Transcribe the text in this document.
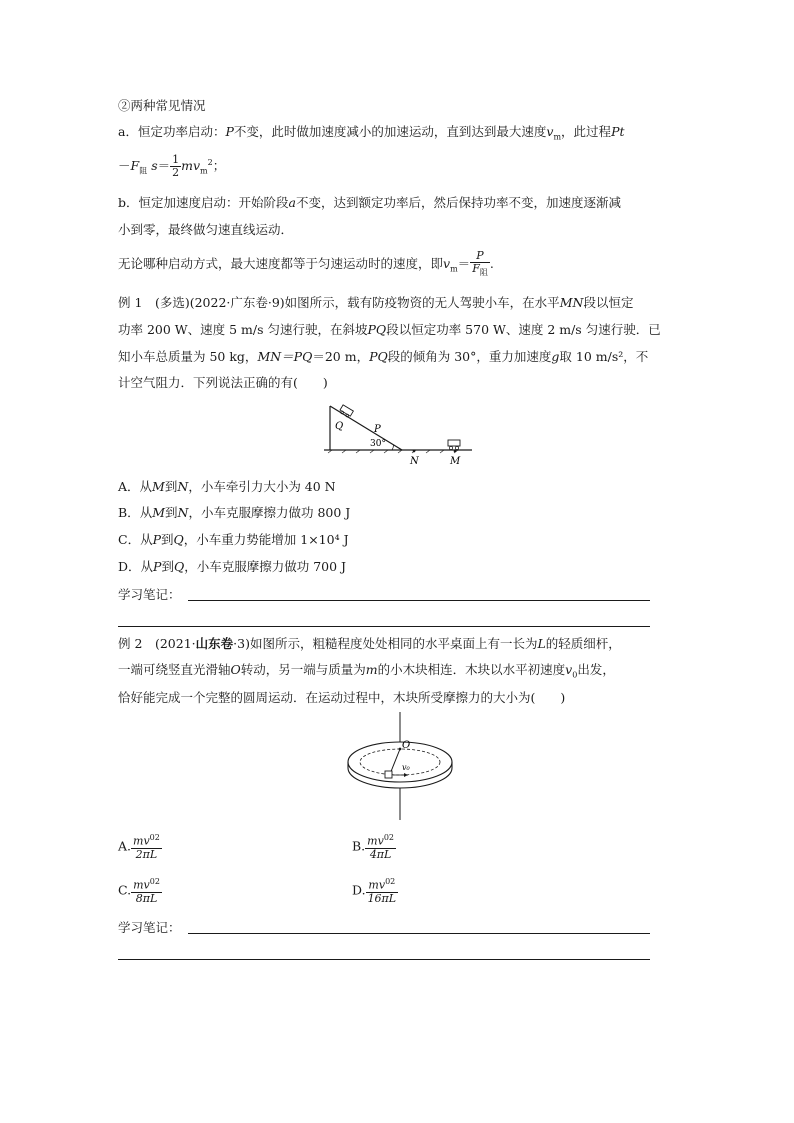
②两种常见情况
a．恒定功率启动：P不变，此时做加速度减小的加速运动，直到达到最大速度$v_m$，此过程Pt
$-F_阻$ $s= \frac{1}{2} mv_m^2$；
b．恒定加速度启动：开始阶段a不变，达到额定功率后，然后保持功率不变，加速度逐渐减
小到零，最终做匀速直线运动．
无论哪种启动方式，最大速度都等于匀速运动时的速度，即$v_m= \frac{P}{F_阻}$ .
例 1　 (多选)(2022·广东卷·9)如图所示，载有防疫物资的无人驾驶小车，在水平MN段以恒定
功率 200 W、速度 5 m/s 匀速行驶，在斜坡PQ段以恒定功率 570 W、速度 2 m/s 匀速行驶．已
知小车总质量为 50 kg，MN＝PQ＝20 m，PQ段的倾角为 30°，重力加速度g取 10 m/s²，不
计空气阻力．下列说法正确的有(　　)
Q	P
30°
N	M
A．从M到N，小车牵引力大小为 40 N
B．从M到N，小车克服摩擦力做功 800 J
C．从P到Q，小车重力势能增加 1×10⁴ J
D．从P到Q，小车克服摩擦力做功 700 J
学习笔记：
例 2　 (2021·山东卷·3)如图所示，粗糙程度处处相同的水平桌面上有一长为L的轻质细杆，
一端可绕竖直光滑轴O转动，另一端与质量为m的小木块相连．木块以水平初速度$v_0$出发，
恰好能完成一个完整的圆周运动．在运动过程中，木块所受摩擦力的大小为(　　)
O
v₀
A. $\frac{mv^{02}}{2\pi L}$	B. $\frac{mv^{02}}{4\pi L}$
C. $\frac{mv^{02}}{8\pi L}$	D. $\frac{mv^{02}}{16\pi L}$
学习笔记：
